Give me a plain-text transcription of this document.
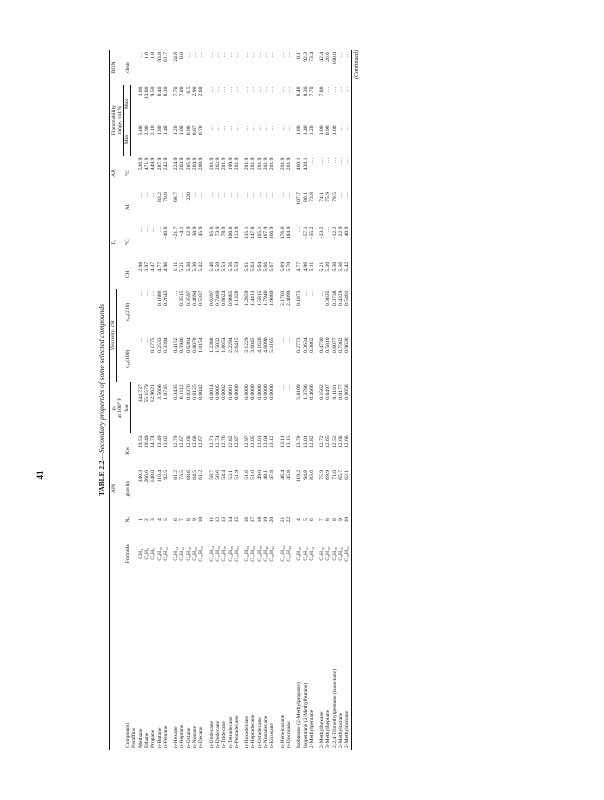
41	TABLE 2.2—Secondary properties of some selected compounds
Compound	Formula	N꜀	API	Kw	pᵥ	Viscosity, cSt		CH	T꜀	AI	AP,	Flammability		RON
			gravity		at 100° F	ν₃₈(100)	ν₉₉(210)		°C		°C	range, vol.%		clear
					bar							Min	Max	
Paraffins														
Methane	CH₄	1	340.3	19.53	344.737	…	…	2.98	…	…	536.9	5.00	1.00	…
Ethane	C₂H₆	2	266.6	19.49	55.1579	…	…	3.97	…	…	471.9	2.90	13.00	1.6
Propane	C₃H₈	3	148.0	14.74	12.9621	0.1775	…	4.47	…	…	449.9	2.10	9.50	1.8
n-Butane	C₄H₁₀	4	110.4	13.49	3.5608	0.2533	0.1686	4.77	…	83.2	287.9	1.80	8.40	93.8
n-Pentane	C₅H₁₂	5	92.5	13.02	1.0745	0.3394	0.2643	4.96	−40.0	70.8	242.9	1.40	8.30	61.7

n-Hexane	C₆H₁₄	6	81.2	12.79	0.3435	0.4152	…	5.11	−21.7	68.7	224.9	1.20	7.70	24.8
n-Heptane	C₇H₁₆	7	73.5	12.67	0.1112	0.5946	0.3515	5.21	−4.1	…	203.9	1.00	7.00	0.0
n-Octane	C₈H₁₈	8	68.6	12.66	0.0370	0.6364	0.3597	5.30	12.9	220	205.9	0.96	6.5	…
n-Nonane	C₉H₂₀	9	64.5	12.66	0.0125	0.8078	0.4694	5.36	30.9	…	204.9	0.87	2.90	…
n-Decane	C₁₀H₂₂	10	61.2	12.67	0.0042	1.0154	0.5337	5.42	45.9	…	200.9	0.78	2.60	…

n-Undecane	C₁₁H₂₄	11	58.7	12.71	0.0014	1.2388	0.6397	5.46	65.0	…	201.9	…	…	…
n-Dodecane	C₁₂H₂₆	12	56.6	12.74	0.0005	1.5032	0.7469	5.50	73.9	…	202.9	…	…	…
n-Tridecane	C₁₃H₂₈	13	54.4	12.76	0.0002	1.8654	0.8624	5.53	78.9	…	201.9	…	…	…
n-Tetradecane	C₁₄H₃₀	14	53.1	12.82	0.0001	2.2294	0.9885	5.56	100.0	…	199.9	…	…	…
n-Pentadecane	C₁₅H₃₂	15	51.9	12.87	0.0000	2.6415	1.1328	5.59	113.9	…	201.9	…	…	…

n-Hexadecane	C₁₆H₃₄	16	51.6	12.97	0.0000	3.1229	1.2859	5.61	135.1	…	201.9	…	…	…
n-Heptadecane	C₁₇H₃₆	17	51.0	13.05	0.0000	3.6045	1.4413	5.63	147.8	…	201.9	…	…	…
n-Octadecane	C₁₈H₃₈	18	49.0	13.01	0.0000	4.1620	1.5815	5.64	165.1	…	201.9	…	…	…
n-Nonadecane	C₁₉H₄₀	19	48.1	13.04	0.0000	4.6090	1.7940	5.66	167.9	…	201.9	…	…	…
n-Eicosane	C₂₀H₄₂	20	47.8	13.12	0.0000	5.3165	1.9889	5.67	166.9	…	201.9	…	…	…

n-Heneicosane	C₂₁H₄₄	21	46.4	13.11	…	…	2.1703	5.69	176.0	…	201.9	…	…	…
n-Docosane	C₂₂H₄₆	22	45.8	13.15	…	…	2.4099	5.70	184.9	…	201.9	…	…	…

Isobutane (2-Methylpropane)	C₄H₁₀	4	119.2	13.78	5.0109	0.2773	0.1873	4.77	…	107.7	460.1	1.80	8.40	0.1
Isopentane (2-Methylbutane)	C₅H₁₂	5	94.8	13.01	1.3786	0.3634	…	4.96	−57.1	80.1	420.1	1.40	8.30	92.3
2-Methylpentane	C₆H₁₄	6	83.6	12.82	0.4666	0.3862	…	5.11	−35.2	73.8	…	1.20	7.70	73.4

2-Methylhexane	C₇H₁₆	7	75.9	12.72	0.1562	0.4730	…	5.21	−23.2	74.1	…	1.00	7.00	42.4
3-Methylheptane	C₈H₁₈	8	69.9	12.65	0.0497	0.5810	0.3635	5.30	…	75.9	…	0.98	…	26.6
2,2,4-Trimethylpentane (isooctane)	C₈H₁₈	8	71.0	12.52	0.1181	0.6077	0.3738	5.30	−12.2	79.5	…	1.00	…	100.0
2-Methyloctane	C₉H₂₀	9	65.7	12.66	0.0177	0.7382	0.4329	5.36	22.9	…	…	…	…	…
2-Methylnonane	C₁₀H₂₂	10	62.1	12.66	0.0058	0.9636	0.5401	5.42	40.9	…	…	…	…	… (Continued)
